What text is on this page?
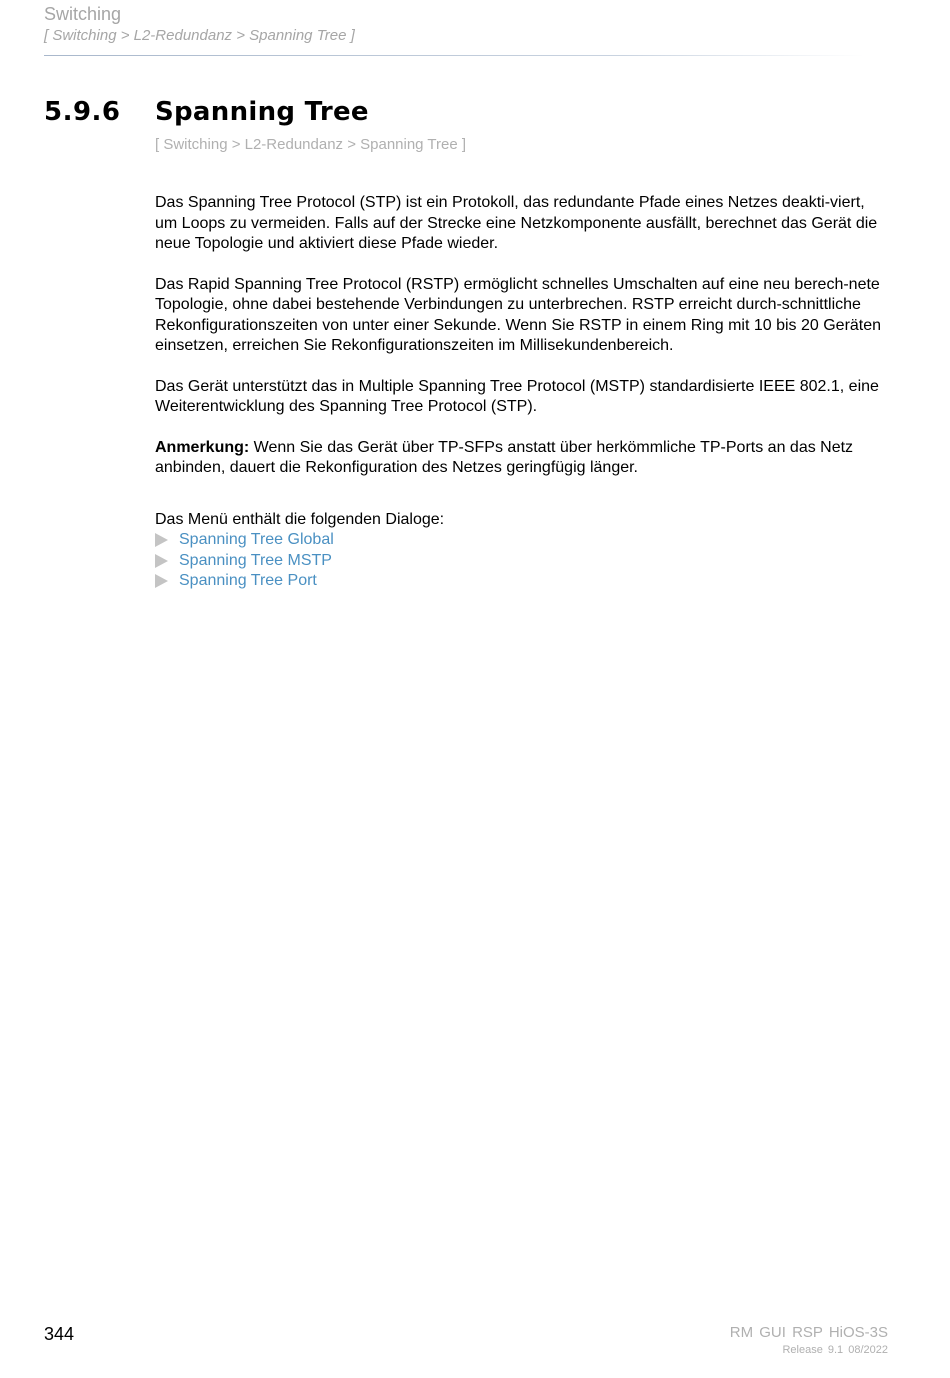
Switching
[ Switching > L2-Redundanz > Spanning Tree ]
5.9.6 Spanning Tree
[ Switching > L2-Redundanz > Spanning Tree ]

Das Spanning Tree Protocol (STP) ist ein Protokoll, das redundante Pfade eines Netzes deakti-viert, um Loops zu vermeiden. Falls auf der Strecke eine Netzkomponente ausfällt, berechnet das Gerät die neue Topologie und aktiviert diese Pfade wieder.

Das Rapid Spanning Tree Protocol (RSTP) ermöglicht schnelles Umschalten auf eine neu berech-nete Topologie, ohne dabei bestehende Verbindungen zu unterbrechen. RSTP erreicht durch-schnittliche Rekonfigurationszeiten von unter einer Sekunde. Wenn Sie RSTP in einem Ring mit 10 bis 20 Geräten einsetzen, erreichen Sie Rekonfigurationszeiten im Millisekundenbereich.

Das Gerät unterstützt das in Multiple Spanning Tree Protocol (MSTP) standardisierte IEEE 802.1, eine Weiterentwicklung des Spanning Tree Protocol (STP).

Anmerkung: Wenn Sie das Gerät über TP-SFPs anstatt über herkömmliche TP-Ports an das Netz anbinden, dauert die Rekonfiguration des Netzes geringfügig länger.

Das Menü enthält die folgenden Dialoge:

Spanning Tree Global
Spanning Tree MSTP
Spanning Tree Port
344	RM GUI RSP HiOS-3S
Release 9.1 08/2022
